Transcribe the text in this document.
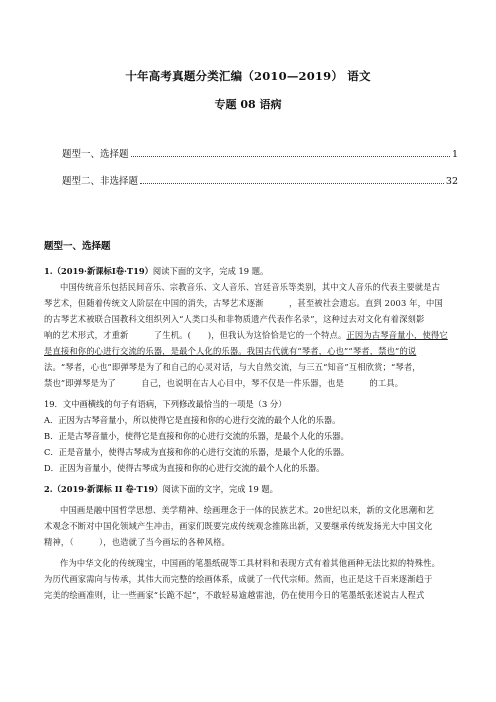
十年高考真题分类汇编（2010—2019） 语文
专题 08 语病
题型一、选择题	1
题型二、非选择题	32
题型一、选择题
1.（2019·新课标Ⅰ卷·T19）阅读下面的文字，完成 19 题。
中国传统音乐包括民间音乐、宗教音乐、文人音乐、宫廷音乐等类别，其中文人音乐的代表主要就是古
琴艺术，但随着传统文人阶层在中国的消失，古琴艺术逐渐　　　，甚至被社会遗忘。直到 2003 年，中国
的古琴艺术被联合国教科文组织列入“人类口头和非物质遗产代表作名录”，这种过去对文化有着深刻影
响的艺术形式，才重新　　　了生机。(　　)，但我认为这恰恰是它的一个特点。正因为古琴音量小，使得它
是直接和你的心进行交流的乐器，是最个人化的乐器。我国古代就有“琴者，心也”“琴者，禁也”的说
法。“琴者，心也”即弹琴是为了和自己的心灵对话，与大自然交流，与三五“知音”互相欣赏；“琴者，
禁也”即弹琴是为了　　　自己，也说明在古人心目中，琴不仅是一件乐器，也是　　　的工具。
19．文中画横线的句子有语病，下列修改最恰当的一项是（3 分）
A．正因为古琴音量小，所以使得它是直接和你的心进行交流的最个人化的乐器。
B．正是古琴音量小，使得它是直接和你的心进行交流的乐器，是最个人化的乐器。
C．正是音量小，使得古琴成为直接和你的心进行交流的乐器，是最个人化的乐器。
D．正因为音量小，使得古琴成为直接和你的心进行交流的最个人化的乐器。
2.（2019·新课标 II 卷·T19）阅读下面的文字，完成 19 题。
中国画是融中国哲学思想、美学精神、绘画理念于一体的民族艺术。20世纪以来，新的文化思潮和艺
术观念不断对中国化领域产生冲击，画家们既要完成传统观念推陈出新，又要继承传统发扬光大中国文化
精神，（　　　），也造就了当今画坛的各种风格。
作为中华文化的传统瑰宝，中国画的笔墨纸砚等工具材料和表现方式有着其他画种无法比拟的特殊性。
为历代画家需向与传承，其伟大而完整的绘画体系，成就了一代代宗师。然而，也正是这千百来逐渐趋于
完美的绘画准则，让一些画家“长跪不起”，不敢轻易逾越雷池，仍在使用今日的笔墨纸张述说古人程式
